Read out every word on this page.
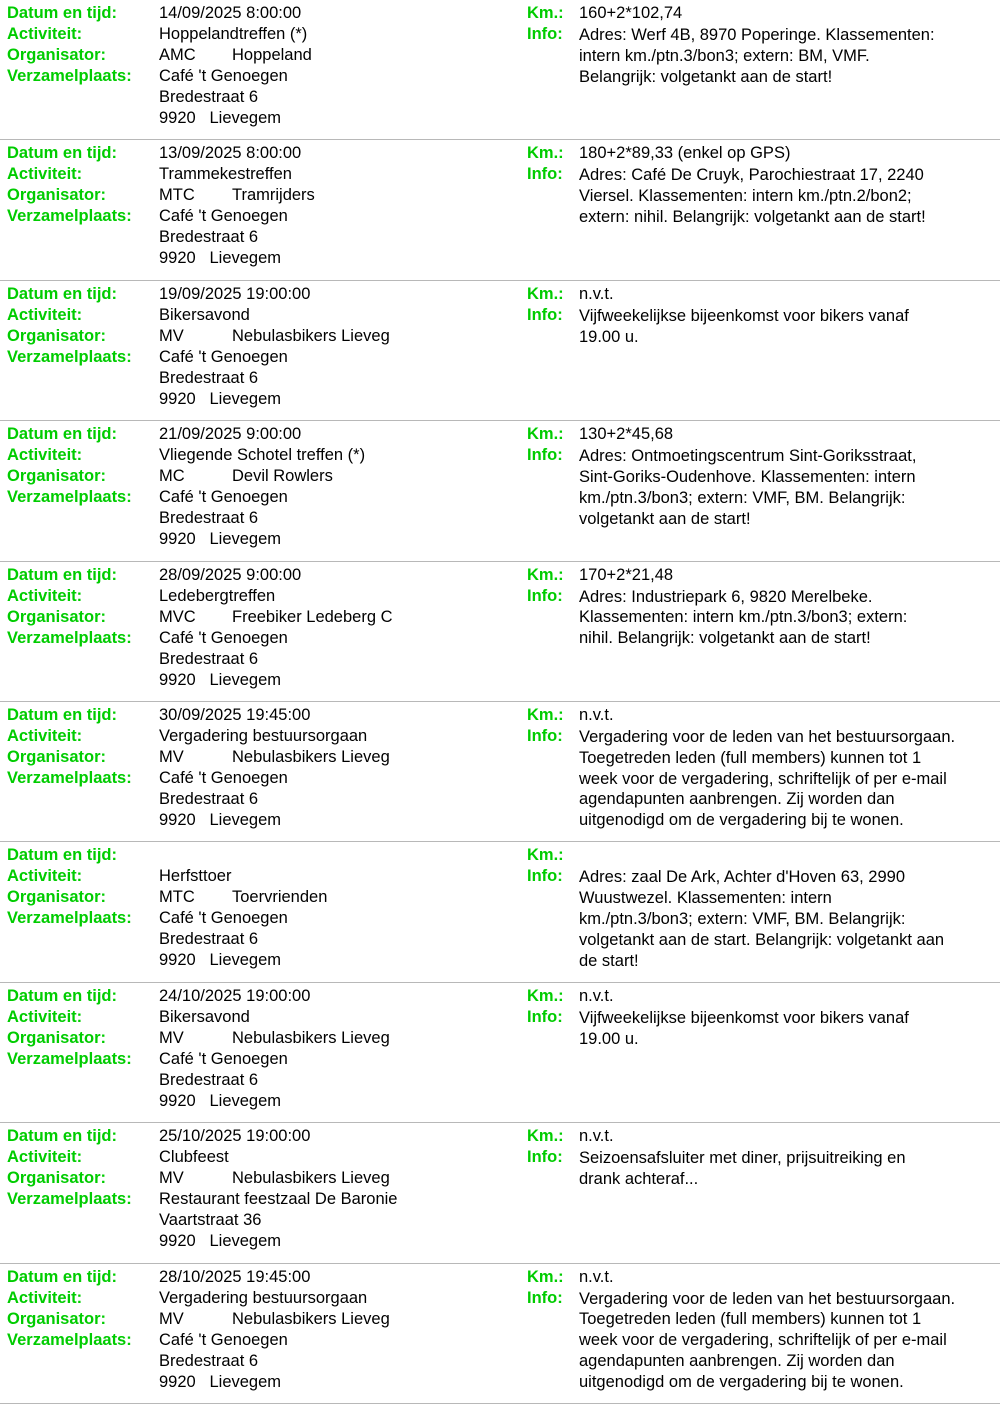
Datum en tijd:	14/09/2025 8:00:00
Activiteit:	Hoppelandtreffen (*)
Organisator:	AMC Hoppeland
Verzamelplaats: Café 't Genoegen
Bredestraat 6
9920 Lievegem
Km.: 160+2*102,74
Info: Adres: Werf 4B, 8970 Poperinge. Klassementen:
intern km./ptn.3/bon3; extern: BM, VMF.
Belangrijk: volgetankt aan de start!
Datum en tijd:	13/09/2025 8:00:00
Activiteit:	Trammekestreffen
Organisator:	MTC Tramrijders
Verzamelplaats: Café 't Genoegen
Bredestraat 6
9920 Lievegem
Km.: 180+2*89,33 (enkel op GPS)
Info: Adres: Café De Cruyk, Parochiestraat 17, 2240
Viersel. Klassementen: intern km./ptn.2/bon2;
extern: nihil. Belangrijk: volgetankt aan de start!
Datum en tijd:	19/09/2025 19:00:00
Activiteit:	Bikersavond
Organisator:	MV	Nebulasbikers Lieveg
Verzamelplaats: Café 't Genoegen
Bredestraat 6
9920 Lievegem
Km.: n.v.t.
Info: Vijfweekelijkse bijeenkomst voor bikers vanaf
19.00 u.
Datum en tijd:	21/09/2025 9:00:00
Activiteit:	Vliegende Schotel treffen (*)
Organisator:	MC	Devil Rowlers
Verzamelplaats: Café 't Genoegen
Bredestraat 6
9920 Lievegem
Km.: 130+2*45,68
Info: Adres: Ontmoetingscentrum Sint-Goriksstraat,
Sint-Goriks-Oudenhove. Klassementen: intern
km./ptn.3/bon3; extern: VMF, BM. Belangrijk:
volgetankt aan de start!
Datum en tijd:	28/09/2025 9:00:00
Activiteit:	Ledebergtreffen
Organisator:	MVC Freebiker Ledeberg C
Verzamelplaats: Café 't Genoegen
Bredestraat 6
9920 Lievegem
Km.: 170+2*21,48
Info: Adres: Industriepark 6, 9820 Merelbeke.
Klassementen: intern km./ptn.3/bon3; extern:
nihil. Belangrijk: volgetankt aan de start!
Datum en tijd:	30/09/2025 19:45:00
Activiteit:	Vergadering bestuursorgaan
Organisator:	MV	Nebulasbikers Lieveg
Verzamelplaats: Café 't Genoegen
Bredestraat 6
9920 Lievegem
Km.: n.v.t.
Info: Vergadering voor de leden van het bestuursorgaan.
Toegetreden leden (full members) kunnen tot 1
week voor de vergadering, schriftelijk of per e-mail
agendapunten aanbrengen. Zij worden dan
uitgenodigd om de vergadering bij te wonen.
Datum en tijd:
Activiteit:	Herfsttoer
Organisator:	MTC Toervrienden
Verzamelplaats: Café 't Genoegen
Bredestraat 6
9920 Lievegem
Km.:
Info: Adres: zaal De Ark, Achter d'Hoven 63, 2990
Wuustwezel. Klassementen: intern
km./ptn.3/bon3; extern: VMF, BM. Belangrijk:
volgetankt aan de start. Belangrijk: volgetankt aan
de start!
Datum en tijd:	24/10/2025 19:00:00
Activiteit:	Bikersavond
Organisator:	MV	Nebulasbikers Lieveg
Verzamelplaats: Café 't Genoegen
Bredestraat 6
9920 Lievegem
Km.: n.v.t.
Info: Vijfweekelijkse bijeenkomst voor bikers vanaf
19.00 u.
Datum en tijd:	25/10/2025 19:00:00
Activiteit:	Clubfeest
Organisator:	MV	Nebulasbikers Lieveg
Verzamelplaats: Restaurant feestzaal De Baronie
Vaartstraat 36
9920 Lievegem
Km.: n.v.t.
Info: Seizoensafsluiter met diner, prijsuitreiking en
drank achteraf...
Datum en tijd:	28/10/2025 19:45:00
Activiteit:	Vergadering bestuursorgaan
Organisator:	MV	Nebulasbikers Lieveg
Verzamelplaats: Café 't Genoegen
Bredestraat 6
9920 Lievegem
Km.: n.v.t.
Info: Vergadering voor de leden van het bestuursorgaan.
Toegetreden leden (full members) kunnen tot 1
week voor de vergadering, schriftelijk of per e-mail
agendapunten aanbrengen. Zij worden dan
uitgenodigd om de vergadering bij te wonen.
